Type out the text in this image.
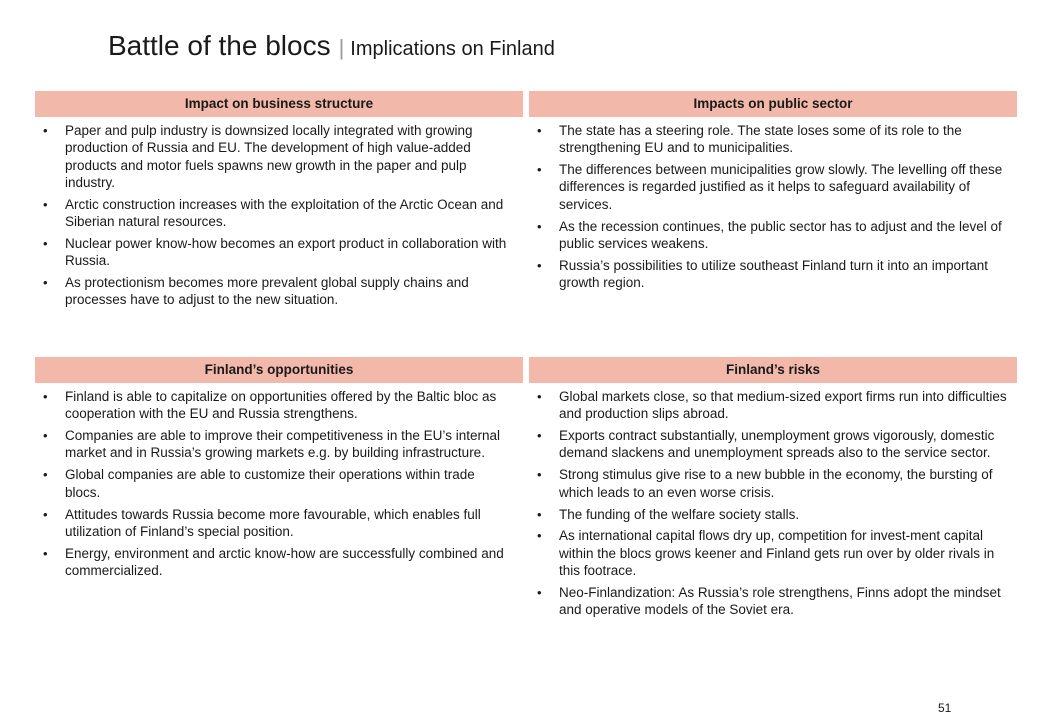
Battle of the blocs | Implications on Finland
Impact on business structure
• Paper and pulp industry is downsized locally integrated with growing production of Russia and EU. The development of high value-added products and motor fuels spawns new growth in the paper and pulp industry.
• Arctic construction increases with the exploitation of the Arctic Ocean and Siberian natural resources.
• Nuclear power know-how becomes an export product in collaboration with Russia.
• As protectionism becomes more prevalent global supply chains and processes have to adjust to the new situation.
Impacts on public sector
• The state has a steering role. The state loses some of its role to the strengthening EU and to municipalities.
• The differences between municipalities grow slowly. The levelling off these differences is regarded justified as it helps to safeguard availability of services.
• As the recession continues, the public sector has to adjust and the level of public services weakens.
• Russia’s possibilities to utilize southeast Finland turn it into an important growth region.
Finland’s opportunities
• Finland is able to capitalize on opportunities offered by the Baltic bloc as cooperation with the EU and Russia strengthens.
• Companies are able to improve their competitiveness in the EU’s internal market and in Russia’s growing markets e.g. by building infrastructure.
• Global companies are able to customize their operations within trade blocs.
• Attitudes towards Russia become more favourable, which enables full utilization of Finland’s special position.
• Energy, environment and arctic know-how are successfully combined and commercialized.
Finland’s risks
• Global markets close, so that medium-sized export firms run into difficulties and production slips abroad.
• Exports contract substantially, unemployment grows vigorously, domestic demand slackens and unemployment spreads also to the service sector.
• Strong stimulus give rise to a new bubble in the economy, the bursting of which leads to an even worse crisis.
• The funding of the welfare society stalls.
• As international capital flows dry up, competition for invest-ment capital within the blocs grows keener and Finland gets run over by older rivals in this footrace.
• Neo-Finlandization: As Russia’s role strengthens, Finns adopt the mindset and operative models of the Soviet era.
51
